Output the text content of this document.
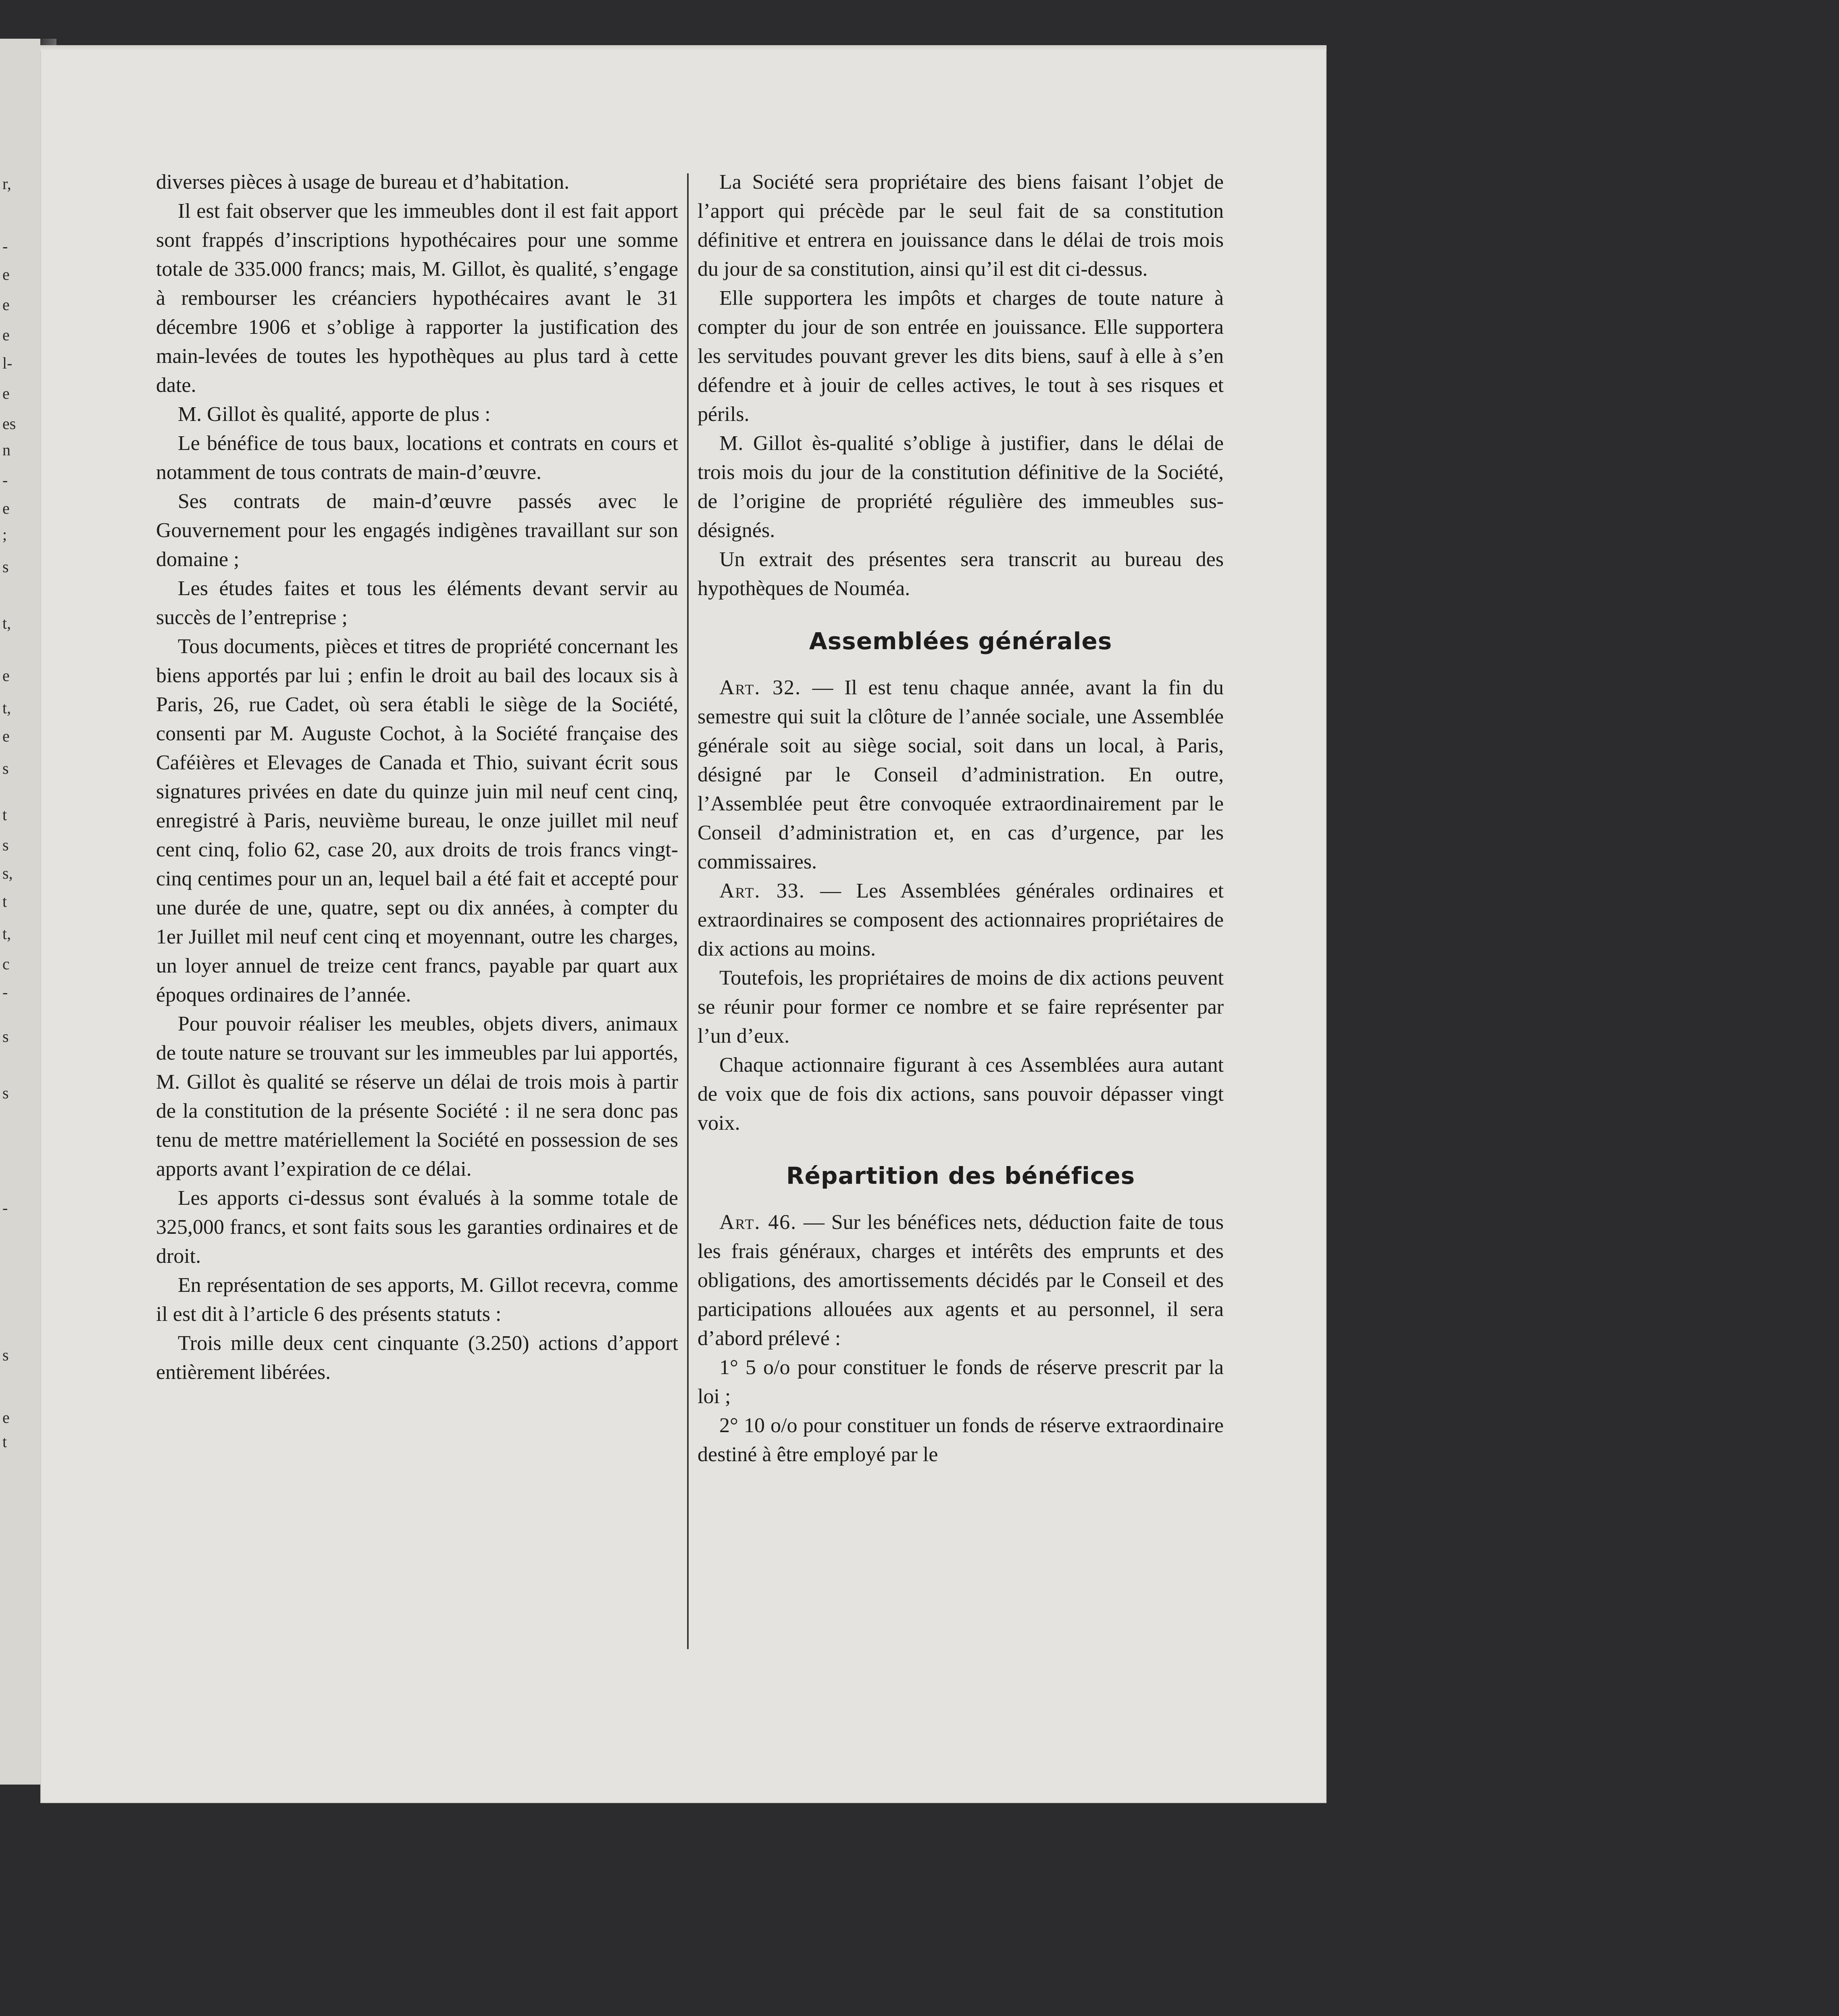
r,
-
e
e
e
l-
e
es
n
-
e
;
s
t,
e
t,
e
s
t
s
s,
t
t,
c
-
s
s
-
s
e
t

diverses pièces à usage de bureau et d’habitation.

Il est fait observer que les immeubles dont il est fait apport sont frappés d’inscriptions hypothécaires pour une somme totale de 335.000 francs; mais, M. Gillot, ès qualité, s’engage à rembourser les créanciers hypothécaires avant le 31 décembre 1906 et s’oblige à rapporter la justification des main-levées de toutes les hypothèques au plus tard à cette date.

M. Gillot ès qualité, apporte de plus :

Le bénéfice de tous baux, locations et contrats en cours et notamment de tous contrats de main-d’œuvre.

Ses contrats de main-d’œuvre passés avec le Gouvernement pour les engagés indigènes travaillant sur son domaine ;

Les études faites et tous les éléments devant servir au succès de l’entreprise ;

Tous documents, pièces et titres de propriété concernant les biens apportés par lui ; enfin le droit au bail des locaux sis à Paris, 26, rue Cadet, où sera établi le siège de la Société, consenti par M. Auguste Cochot, à la Société française des Caféières et Elevages de Canada et Thio, suivant écrit sous signatures privées en date du quinze juin mil neuf cent cinq, enregistré à Paris, neuvième bureau, le onze juillet mil neuf cent cinq, folio 62, case 20, aux droits de trois francs vingt-cinq centimes pour un an, lequel bail a été fait et accepté pour une durée de une, quatre, sept ou dix années, à compter du 1er Juillet mil neuf cent cinq et moyennant, outre les charges, un loyer annuel de treize cent francs, payable par quart aux époques ordinaires de l’année.

Pour pouvoir réaliser les meubles, objets divers, animaux de toute nature se trouvant sur les immeubles par lui apportés, M. Gillot ès qualité se réserve un délai de trois mois à partir de la constitution de la présente Société : il ne sera donc pas tenu de mettre matériellement la Société en possession de ses apports avant l’expiration de ce délai.

Les apports ci-dessus sont évalués à la somme totale de 325,000 francs, et sont faits sous les garanties ordinaires et de droit.

En représentation de ses apports, M. Gillot recevra, comme il est dit à l’article 6 des présents statuts :

Trois mille deux cent cinquante (3.250) actions d’apport entièrement libérées.

La Société sera propriétaire des biens faisant l’objet de l’apport qui précède par le seul fait de sa constitution définitive et entrera en jouissance dans le délai de trois mois du jour de sa constitution, ainsi qu’il est dit ci-dessus.

Elle supportera les impôts et charges de toute nature à compter du jour de son entrée en jouissance. Elle supportera les servitudes pouvant grever les dits biens, sauf à elle à s’en défendre et à jouir de celles actives, le tout à ses risques et périls.

M. Gillot ès-qualité s’oblige à justifier, dans le délai de trois mois du jour de la constitution définitive de la Société, de l’origine de propriété régulière des immeubles sus-désignés.

Un extrait des présentes sera transcrit au bureau des hypothèques de Nouméa.

Assemblées générales

Art. 32. — Il est tenu chaque année, avant la fin du semestre qui suit la clôture de l’année sociale, une Assemblée générale soit au siège social, soit dans un local, à Paris, désigné par le Conseil d’administration. En outre, l’Assemblée peut être convoquée extraordinairement par le Conseil d’administration et, en cas d’urgence, par les commissaires.

Art. 33. — Les Assemblées générales ordinaires et extraordinaires se composent des actionnaires propriétaires de dix actions au moins.

Toutefois, les propriétaires de moins de dix actions peuvent se réunir pour former ce nombre et se faire représenter par l’un d’eux.

Chaque actionnaire figurant à ces Assemblées aura autant de voix que de fois dix actions, sans pouvoir dépasser vingt voix.

Répartition des bénéfices

Art. 46. — Sur les bénéfices nets, déduction faite de tous les frais généraux, charges et intérêts des emprunts et des obligations, des amortissements décidés par le Conseil et des participations allouées aux agents et au personnel, il sera d’abord prélevé :

1° 5 o/o pour constituer le fonds de réserve prescrit par la loi ;

2° 10 o/o pour constituer un fonds de réserve extraordinaire destiné à être employé par le
